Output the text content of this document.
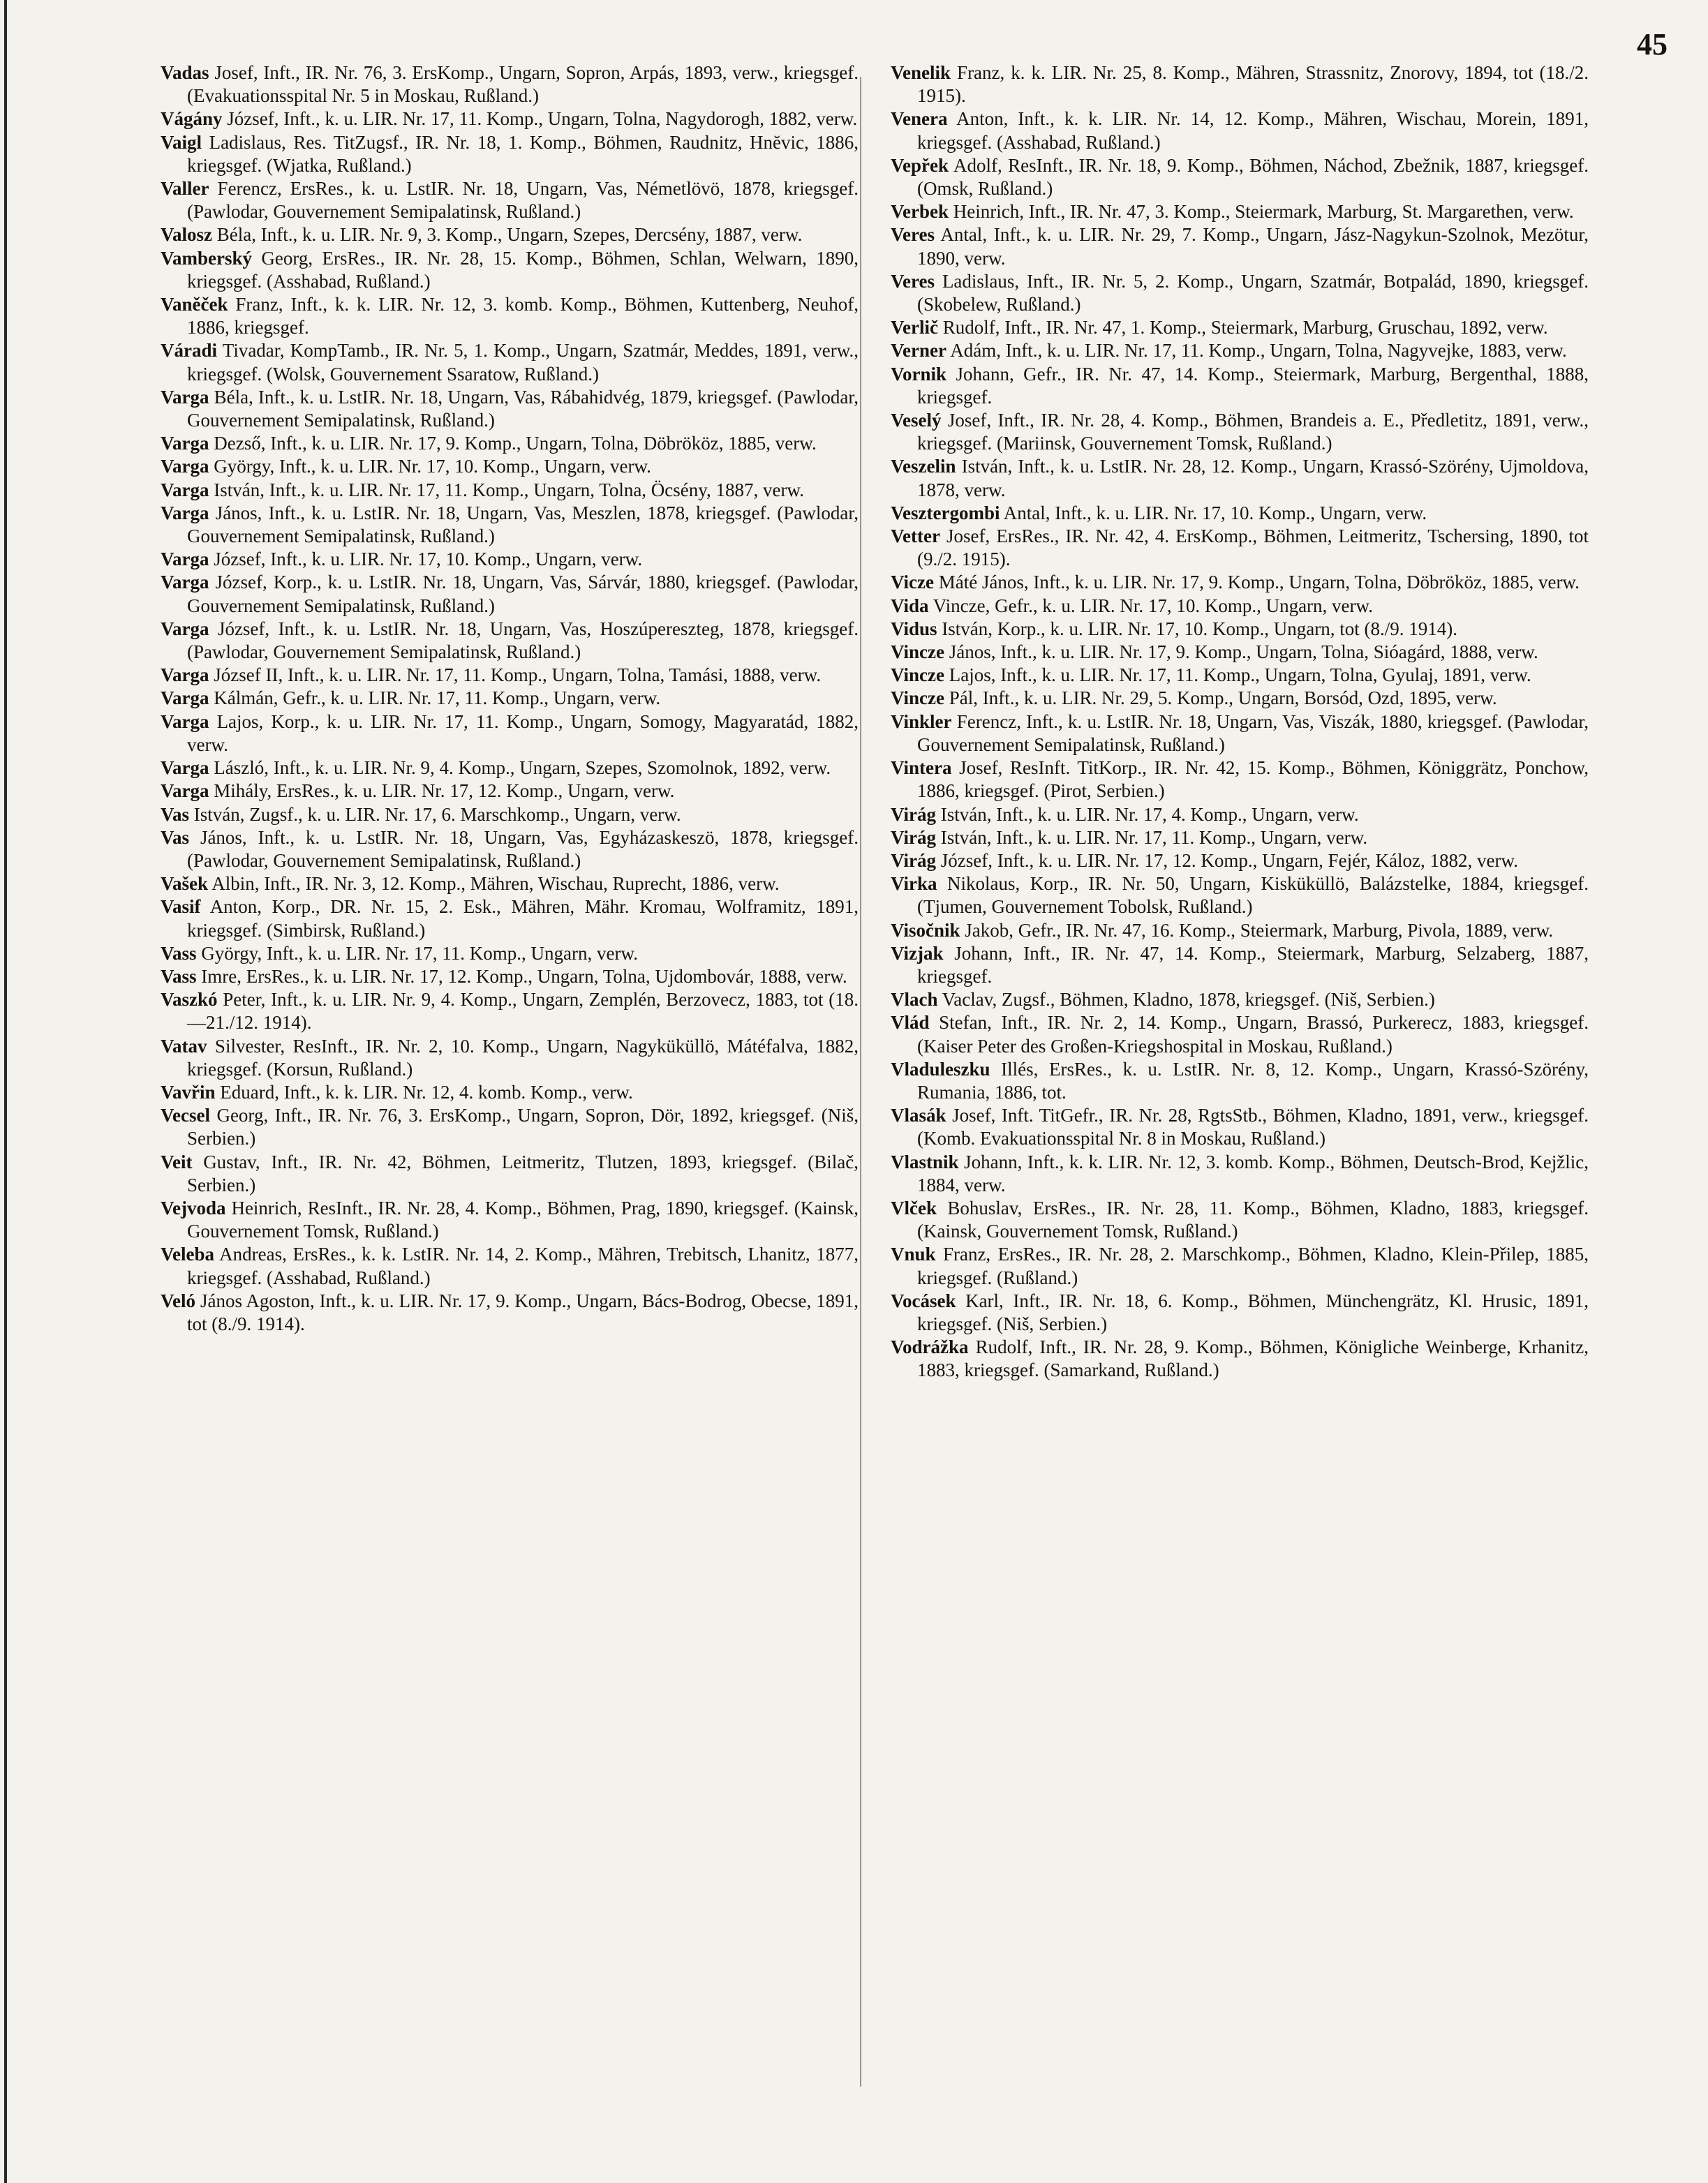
45
Vadas Josef, Inft., IR. Nr. 76, 3. ErsKomp., Ungarn, Sopron, Arpás, 1893, verw., kriegsgef. (Evakuationsspital Nr. 5 in Moskau, Rußland.)
Vágány József, Inft., k. u. LIR. Nr. 17, 11. Komp., Ungarn, Tolna, Nagydorogh, 1882, verw.
Vaigl Ladislaus, Res. TitZugsf., IR. Nr. 18, 1. Komp., Böhmen, Raudnitz, Hnĕvic, 1886, kriegsgef. (Wjatka, Rußland.)
Valler Ferencz, ErsRes., k. u. LstIR. Nr. 18, Ungarn, Vas, Németlövö, 1878, kriegsgef. (Pawlodar, Gouvernement Semipalatinsk, Rußland.)
Valosz Béla, Inft., k. u. LIR. Nr. 9, 3. Komp., Ungarn, Szepes, Dercsény, 1887, verw.
Vamberský Georg, ErsRes., IR. Nr. 28, 15. Komp., Böhmen, Schlan, Welwarn, 1890, kriegsgef. (Asshabad, Rußland.)
Vaněček Franz, Inft., k. k. LIR. Nr. 12, 3. komb. Komp., Böhmen, Kuttenberg, Neuhof, 1886, kriegsgef.
Váradi Tivadar, KompTamb., IR. Nr. 5, 1. Komp., Ungarn, Szatmár, Meddes, 1891, verw., kriegsgef. (Wolsk, Gouvernement Ssaratow, Rußland.)
Varga Béla, Inft., k. u. LstIR. Nr. 18, Ungarn, Vas, Rábahidvég, 1879, kriegsgef. (Pawlodar, Gouvernement Semipalatinsk, Rußland.)
Varga Dezső, Inft., k. u. LIR. Nr. 17, 9. Komp., Ungarn, Tolna, Döbrököz, 1885, verw.
Varga György, Inft., k. u. LIR. Nr. 17, 10. Komp., Ungarn, verw.
Varga István, Inft., k. u. LIR. Nr. 17, 11. Komp., Ungarn, Tolna, Öcsény, 1887, verw.
Varga János, Inft., k. u. LstIR. Nr. 18, Ungarn, Vas, Meszlen, 1878, kriegsgef. (Pawlodar, Gouvernement Semipalatinsk, Rußland.)
Varga József, Inft., k. u. LIR. Nr. 17, 10. Komp., Ungarn, verw.
Varga József, Korp., k. u. LstIR. Nr. 18, Ungarn, Vas, Sárvár, 1880, kriegsgef. (Pawlodar, Gouvernement Semipalatinsk, Rußland.)
Varga József, Inft., k. u. LstIR. Nr. 18, Ungarn, Vas, Hoszúpereszteg, 1878, kriegsgef. (Pawlodar, Gouvernement Semipalatinsk, Rußland.)
Varga József II, Inft., k. u. LIR. Nr. 17, 11. Komp., Ungarn, Tolna, Tamási, 1888, verw.
Varga Kálmán, Gefr., k. u. LIR. Nr. 17, 11. Komp., Ungarn, verw.
Varga Lajos, Korp., k. u. LIR. Nr. 17, 11. Komp., Ungarn, Somogy, Magyaratád, 1882, verw.
Varga László, Inft., k. u. LIR. Nr. 9, 4. Komp., Ungarn, Szepes, Szomolnok, 1892, verw.
Varga Mihály, ErsRes., k. u. LIR. Nr. 17, 12. Komp., Ungarn, verw.
Vas István, Zugsf., k. u. LIR. Nr. 17, 6. Marschkomp., Ungarn, verw.
Vas János, Inft., k. u. LstIR. Nr. 18, Ungarn, Vas, Egyházaskeszö, 1878, kriegsgef. (Pawlodar, Gouvernement Semipalatinsk, Rußland.)
Vašek Albin, Inft., IR. Nr. 3, 12. Komp., Mähren, Wischau, Ruprecht, 1886, verw.
Vasif Anton, Korp., DR. Nr. 15, 2. Esk., Mähren, Mähr. Kromau, Wolframitz, 1891, kriegsgef. (Simbirsk, Rußland.)
Vass György, Inft., k. u. LIR. Nr. 17, 11. Komp., Ungarn, verw.
Vass Imre, ErsRes., k. u. LIR. Nr. 17, 12. Komp., Ungarn, Tolna, Ujdombovár, 1888, verw.
Vaszkó Peter, Inft., k. u. LIR. Nr. 9, 4. Komp., Ungarn, Zemplén, Berzovecz, 1883, tot (18.—21./12. 1914).
Vatav Silvester, ResInft., IR. Nr. 2, 10. Komp., Ungarn, Nagyküküllö, Mátéfalva, 1882, kriegsgef. (Korsun, Rußland.)
Vavřin Eduard, Inft., k. k. LIR. Nr. 12, 4. komb. Komp., verw.
Vecsel Georg, Inft., IR. Nr. 76, 3. ErsKomp., Ungarn, Sopron, Dör, 1892, kriegsgef. (Niš, Serbien.)
Veit Gustav, Inft., IR. Nr. 42, Böhmen, Leitmeritz, Tlutzen, 1893, kriegsgef. (Bilač, Serbien.)
Vejvoda Heinrich, ResInft., IR. Nr. 28, 4. Komp., Böhmen, Prag, 1890, kriegsgef. (Kainsk, Gouvernement Tomsk, Rußland.)
Veleba Andreas, ErsRes., k. k. LstIR. Nr. 14, 2. Komp., Mähren, Trebitsch, Lhanitz, 1877, kriegsgef. (Asshabad, Rußland.)
Veló János Agoston, Inft., k. u. LIR. Nr. 17, 9. Komp., Ungarn, Bács-Bodrog, Obecse, 1891, tot (8./9. 1914).
Venelik Franz, k. k. LIR. Nr. 25, 8. Komp., Mähren, Strassnitz, Znorovy, 1894, tot (18./2. 1915).
Venera Anton, Inft., k. k. LIR. Nr. 14, 12. Komp., Mähren, Wischau, Morein, 1891, kriegsgef. (Asshabad, Rußland.)
Vepřek Adolf, ResInft., IR. Nr. 18, 9. Komp., Böhmen, Náchod, Zbežnik, 1887, kriegsgef. (Omsk, Rußland.)
Verbek Heinrich, Inft., IR. Nr. 47, 3. Komp., Steiermark, Marburg, St. Margarethen, verw.
Veres Antal, Inft., k. u. LIR. Nr. 29, 7. Komp., Ungarn, Jász-Nagykun-Szolnok, Mezötur, 1890, verw.
Veres Ladislaus, Inft., IR. Nr. 5, 2. Komp., Ungarn, Szatmár, Botpalád, 1890, kriegsgef. (Skobelew, Rußland.)
Verlič Rudolf, Inft., IR. Nr. 47, 1. Komp., Steiermark, Marburg, Gruschau, 1892, verw.
Verner Adám, Inft., k. u. LIR. Nr. 17, 11. Komp., Ungarn, Tolna, Nagyvejke, 1883, verw.
Vornik Johann, Gefr., IR. Nr. 47, 14. Komp., Steiermark, Marburg, Bergenthal, 1888, kriegsgef.
Veselý Josef, Inft., IR. Nr. 28, 4. Komp., Böhmen, Brandeis a. E., Předletitz, 1891, verw., kriegsgef. (Mariinsk, Gouvernement Tomsk, Rußland.)
Veszelin István, Inft., k. u. LstIR. Nr. 28, 12. Komp., Ungarn, Krassó-Szörény, Ujmoldova, 1878, verw.
Vesztergombi Antal, Inft., k. u. LIR. Nr. 17, 10. Komp., Ungarn, verw.
Vetter Josef, ErsRes., IR. Nr. 42, 4. ErsKomp., Böhmen, Leitmeritz, Tschersing, 1890, tot (9./2. 1915).
Vicze Máté János, Inft., k. u. LIR. Nr. 17, 9. Komp., Ungarn, Tolna, Döbrököz, 1885, verw.
Vida Vincze, Gefr., k. u. LIR. Nr. 17, 10. Komp., Ungarn, verw.
Vidus István, Korp., k. u. LIR. Nr. 17, 10. Komp., Ungarn, tot (8./9. 1914).
Vincze János, Inft., k. u. LIR. Nr. 17, 9. Komp., Ungarn, Tolna, Sióagárd, 1888, verw.
Vincze Lajos, Inft., k. u. LIR. Nr. 17, 11. Komp., Ungarn, Tolna, Gyulaj, 1891, verw.
Vincze Pál, Inft., k. u. LIR. Nr. 29, 5. Komp., Ungarn, Borsód, Ozd, 1895, verw.
Vinkler Ferencz, Inft., k. u. LstIR. Nr. 18, Ungarn, Vas, Viszák, 1880, kriegsgef. (Pawlodar, Gouvernement Semipalatinsk, Rußland.)
Vintera Josef, ResInft. TitKorp., IR. Nr. 42, 15. Komp., Böhmen, Königgrätz, Ponchow, 1886, kriegsgef. (Pirot, Serbien.)
Virág István, Inft., k. u. LIR. Nr. 17, 4. Komp., Ungarn, verw.
Virág István, Inft., k. u. LIR. Nr. 17, 11. Komp., Ungarn, verw.
Virág József, Inft., k. u. LIR. Nr. 17, 12. Komp., Ungarn, Fejér, Káloz, 1882, verw.
Virka Nikolaus, Korp., IR. Nr. 50, Ungarn, Kisküküllö, Balázstelke, 1884, kriegsgef. (Tjumen, Gouvernement Tobolsk, Rußland.)
Visočnik Jakob, Gefr., IR. Nr. 47, 16. Komp., Steiermark, Marburg, Pivola, 1889, verw.
Vizjak Johann, Inft., IR. Nr. 47, 14. Komp., Steiermark, Marburg, Selzaberg, 1887, kriegsgef.
Vlach Vaclav, Zugsf., Böhmen, Kladno, 1878, kriegsgef. (Niš, Serbien.)
Vlád Stefan, Inft., IR. Nr. 2, 14. Komp., Ungarn, Brassó, Purkerecz, 1883, kriegsgef. (Kaiser Peter des Großen-Kriegshospital in Moskau, Rußland.)
Vladuleszku Illés, ErsRes., k. u. LstIR. Nr. 8, 12. Komp., Ungarn, Krassó-Szörény, Rumania, 1886, tot.
Vlasák Josef, Inft. TitGefr., IR. Nr. 28, RgtsStb., Böhmen, Kladno, 1891, verw., kriegsgef. (Komb. Evakuationsspital Nr. 8 in Moskau, Rußland.)
Vlastnik Johann, Inft., k. k. LIR. Nr. 12, 3. komb. Komp., Böhmen, Deutsch-Brod, Kejžlic, 1884, verw.
Vlček Bohuslav, ErsRes., IR. Nr. 28, 11. Komp., Böhmen, Kladno, 1883, kriegsgef. (Kainsk, Gouvernement Tomsk, Rußland.)
Vnuk Franz, ErsRes., IR. Nr. 28, 2. Marschkomp., Böhmen, Kladno, Klein-Přilep, 1885, kriegsgef. (Rußland.)
Vocásek Karl, Inft., IR. Nr. 18, 6. Komp., Böhmen, Münchengrätz, Kl. Hrusic, 1891, kriegsgef. (Niš, Serbien.)
Vodrážka Rudolf, Inft., IR. Nr. 28, 9. Komp., Böhmen, Königliche Weinberge, Krhanitz, 1883, kriegsgef. (Samarkand, Rußland.)
